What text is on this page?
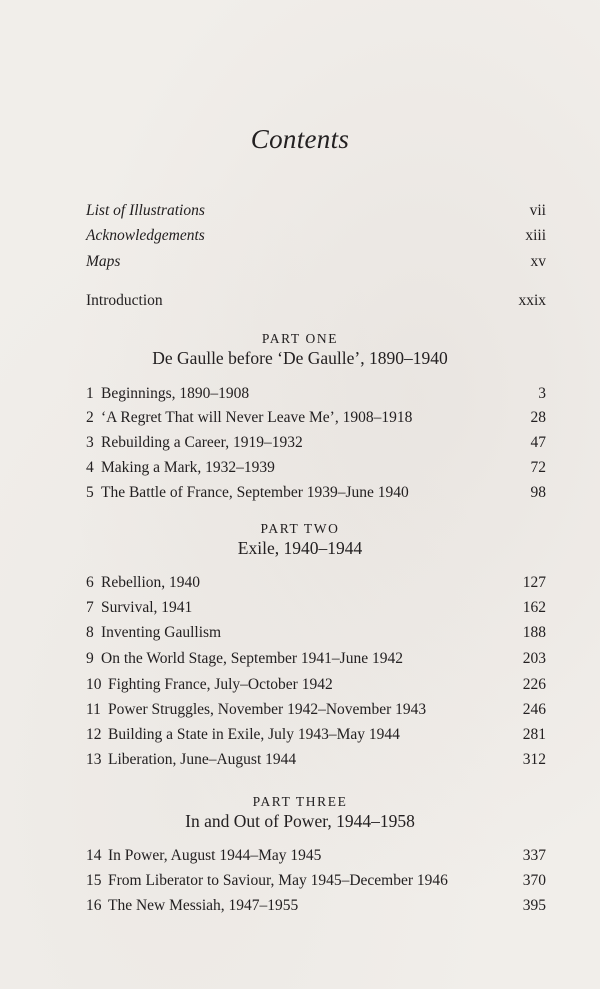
Contents
List of Illustrations	vii
Acknowledgements	xiii
Maps	xv
Introduction	xxix
1 Beginnings, 1890–1908	3
2 ‘A Regret That will Never Leave Me’, 1908–1918	28
3 Rebuilding a Career, 1919–1932	47
4 Making a Mark, 1932–1939	72
5 The Battle of France, September 1939–June 1940	98
6 Rebellion, 1940	127
7 Survival, 1941	162
8 Inventing Gaullism	188
9 On the World Stage, September 1941–June 1942	203
10 Fighting France, July–October 1942	226
11 Power Struggles, November 1942–November 1943	246
12 Building a State in Exile, July 1943–May 1944	281
13 Liberation, June–August 1944	312
14 In Power, August 1944–May 1945	337
15 From Liberator to Saviour, May 1945–December 1946	370
16 The New Messiah, 1947–1955	395
PART ONE
De Gaulle before ‘De Gaulle’, 1890–1940
PART TWO
Exile, 1940–1944
PART THREE
In and Out of Power, 1944–1958
